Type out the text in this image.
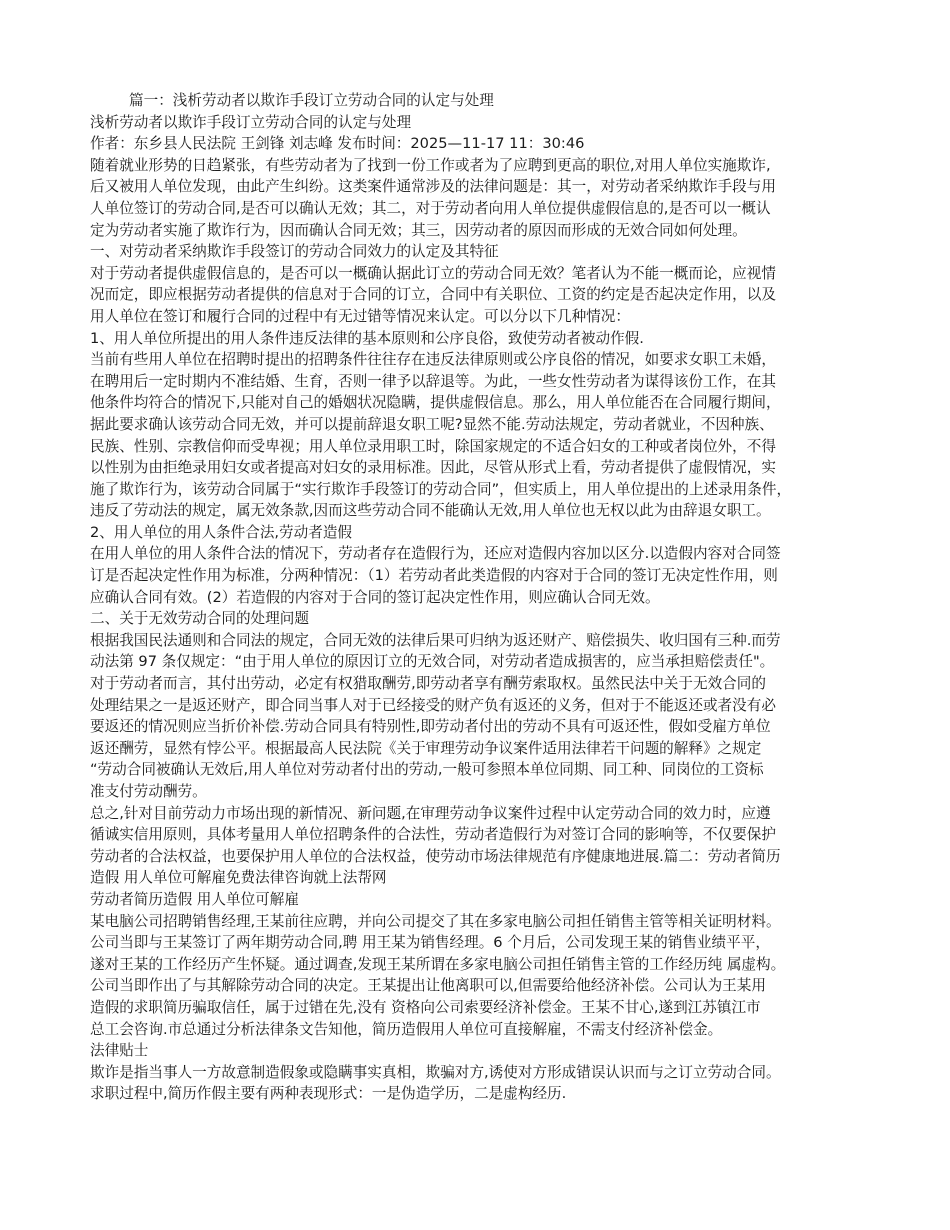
篇一：浅析劳动者以欺诈手段订立劳动合同的认定与处理

浅析劳动者以欺诈手段订立劳动合同的认定与处理

作者：东乡县人民法院 王剑锋 刘志峰 发布时间：2025—11-17 11：30:46

随着就业形势的日趋紧张，有些劳动者为了找到一份工作或者为了应聘到更高的职位,对用人单位实施欺诈,

后又被用人单位发现，由此产生纠纷。这类案件通常涉及的法律问题是：其一，对劳动者采纳欺诈手段与用

人单位签订的劳动合同,是否可以确认无效；其二，对于劳动者向用人单位提供虚假信息的,是否可以一概认

定为劳动者实施了欺诈行为，因而确认合同无效；其三，因劳动者的原因而形成的无效合同如何处理。

一、对劳动者采纳欺诈手段签订的劳动合同效力的认定及其特征

对于劳动者提供虚假信息的，是否可以一概确认据此订立的劳动合同无效？笔者认为不能一概而论，应视情

况而定，即应根据劳动者提供的信息对于合同的订立，合同中有关职位、工资的约定是否起决定作用，以及

用人单位在签订和履行合同的过程中有无过错等情况来认定。可以分以下几种情况：

1、用人单位所提出的用人条件违反法律的基本原则和公序良俗，致使劳动者被动作假.

当前有些用人单位在招聘时提出的招聘条件往往存在违反法律原则或公序良俗的情况，如要求女职工未婚，

在聘用后一定时期内不准结婚、生育，否则一律予以辞退等。为此，一些女性劳动者为谋得该份工作，在其

他条件均符合的情况下,只能对自己的婚姻状况隐瞒，提供虚假信息。那么，用人单位能否在合同履行期间，

据此要求确认该劳动合同无效，并可以提前辞退女职工呢?显然不能.劳动法规定，劳动者就业，不因种族、

民族、性别、宗教信仰而受卑视；用人单位录用职工时，除国家规定的不适合妇女的工种或者岗位外，不得

以性别为由拒绝录用妇女或者提高对妇女的录用标准。因此，尽管从形式上看，劳动者提供了虚假情况，实

施了欺诈行为，该劳动合同属于“实行欺诈手段签订的劳动合同”，但实质上，用人单位提出的上述录用条件，

违反了劳动法的规定，属无效条款,因而这些劳动合同不能确认无效,用人单位也无权以此为由辞退女职工。

2、用人单位的用人条件合法,劳动者造假

在用人单位的用人条件合法的情况下，劳动者存在造假行为，还应对造假内容加以区分.以造假内容对合同签

订是否起决定性作用为标准，分两种情况：（1）若劳动者此类造假的内容对于合同的签订无决定性作用，则

应确认合同有效。(2）若造假的内容对于合同的签订起决定性作用，则应确认合同无效。

二、关于无效劳动合同的处理问题

根据我国民法通则和合同法的规定，合同无效的法律后果可归纳为返还财产、赔偿损失、收归国有三种.而劳

动法第 97 条仅规定：“由于用人单位的原因订立的无效合同，对劳动者造成损害的，应当承担赔偿责任"。

对于劳动者而言，其付出劳动，必定有权猎取酬劳,即劳动者享有酬劳索取权。虽然民法中关于无效合同的

处理结果之一是返还财产，即合同当事人对于已经接受的财产负有返还的义务，但对于不能返还或者没有必

要返还的情况则应当折价补偿.劳动合同具有特别性,即劳动者付出的劳动不具有可返还性，假如受雇方单位

返还酬劳，显然有悖公平。根据最高人民法院《关于审理劳动争议案件适用法律若干问题的解释》之规定

“劳动合同被确认无效后,用人单位对劳动者付出的劳动,一般可参照本单位同期、同工种、同岗位的工资标

准支付劳动酬劳。

总之,针对目前劳动力市场出现的新情况、新问题,在审理劳动争议案件过程中认定劳动合同的效力时，应遵

循诚实信用原则，具体考量用人单位招聘条件的合法性，劳动者造假行为对签订合同的影响等，不仅要保护

劳动者的合法权益，也要保护用人单位的合法权益，使劳动市场法律规范有序健康地进展.篇二：劳动者简历

造假 用人单位可解雇免费法律咨询就上法帮网

劳动者简历造假 用人单位可解雇

某电脑公司招聘销售经理,王某前往应聘，并向公司提交了其在多家电脑公司担任销售主管等相关证明材料。

公司当即与王某签订了两年期劳动合同,聘 用王某为销售经理。6 个月后，公司发现王某的销售业绩平平，

遂对王某的工作经历产生怀疑。通过调查,发现王某所谓在多家电脑公司担任销售主管的工作经历纯 属虚构。

公司当即作出了与其解除劳动合同的决定。王某提出让他离职可以,但需要给他经济补偿。公司认为王某用

造假的求职简历骗取信任，属于过错在先,没有 资格向公司索要经济补偿金。王某不甘心,遂到江苏镇江市

总工会咨询.市总通过分析法律条文告知他，简历造假用人单位可直接解雇，不需支付经济补偿金。

法律贴士

欺诈是指当事人一方故意制造假象或隐瞒事实真相，欺骗对方,诱使对方形成错误认识而与之订立劳动合同。

求职过程中,简历作假主要有两种表现形式：一是伪造学历，二是虚构经历.
